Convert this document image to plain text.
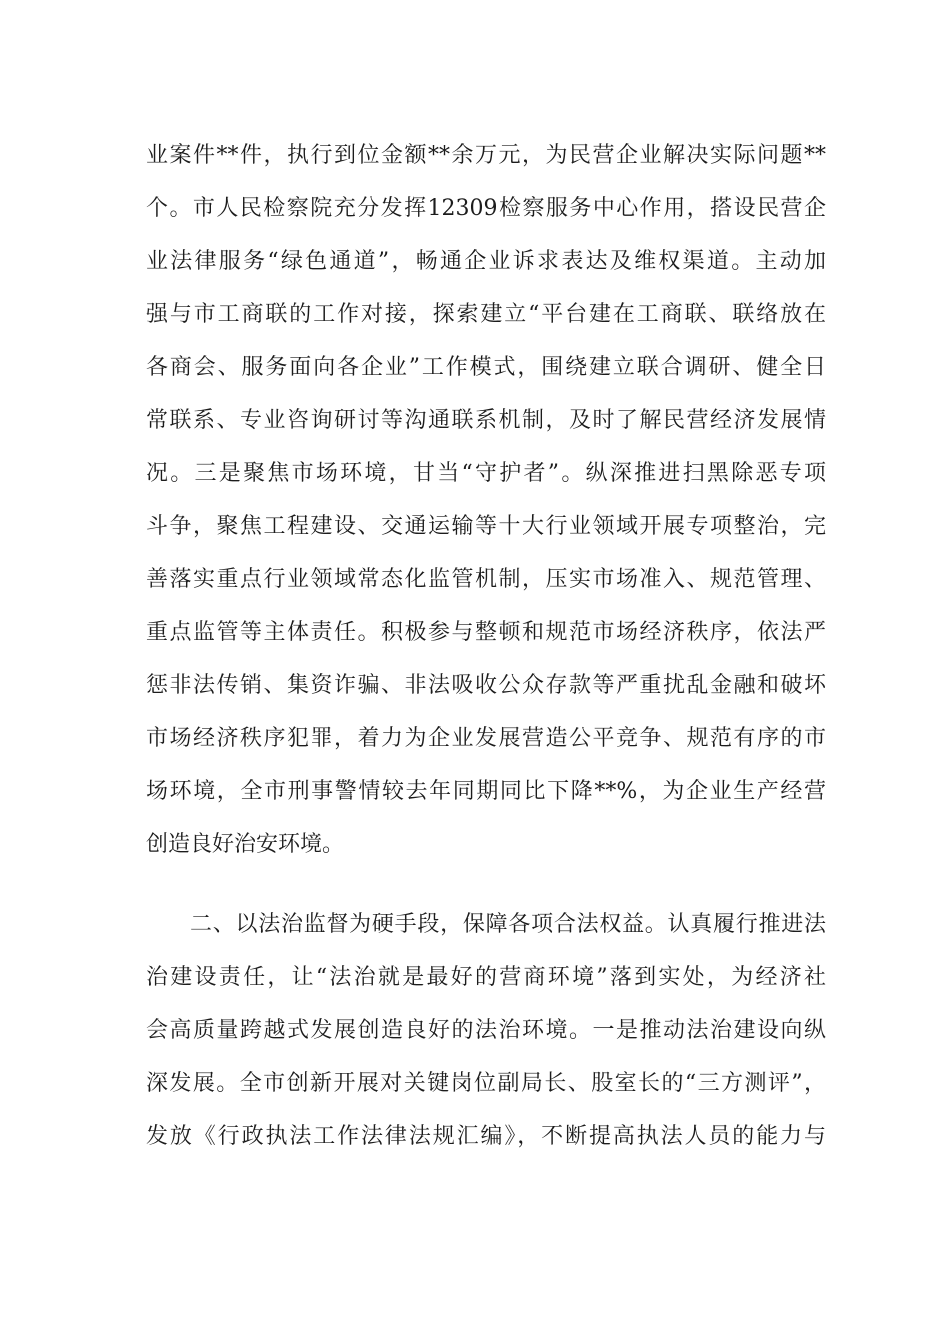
业案件**件，执行到位金额**余万元，为民营企业解决实际问题**
个。市人民检察院充分发挥12309检察服务中心作用，搭设民营企
业法律服务“绿色通道”，畅通企业诉求表达及维权渠道。主动加
强与市工商联的工作对接，探索建立“平台建在工商联、联络放在
各商会、服务面向各企业”工作模式，围绕建立联合调研、健全日
常联系、专业咨询研讨等沟通联系机制，及时了解民营经济发展情
况。三是聚焦市场环境，甘当“守护者”。纵深推进扫黑除恶专项
斗争，聚焦工程建设、交通运输等十大行业领域开展专项整治，完
善落实重点行业领域常态化监管机制，压实市场准入、规范管理、
重点监管等主体责任。积极参与整顿和规范市场经济秩序，依法严
惩非法传销、集资诈骗、非法吸收公众存款等严重扰乱金融和破坏
市场经济秩序犯罪，着力为企业发展营造公平竞争、规范有序的市
场环境，全市刑事警情较去年同期同比下降**%，为企业生产经营
创造良好治安环境。
二、以法治监督为硬手段，保障各项合法权益。认真履行推进法
治建设责任，让“法治就是最好的营商环境”落到实处，为经济社
会高质量跨越式发展创造良好的法治环境。一是推动法治建设向纵
深发展。全市创新开展对关键岗位副局长、股室长的“三方测评”，
发放《行政执法工作法律法规汇编》，不断提高执法人员的能力与
